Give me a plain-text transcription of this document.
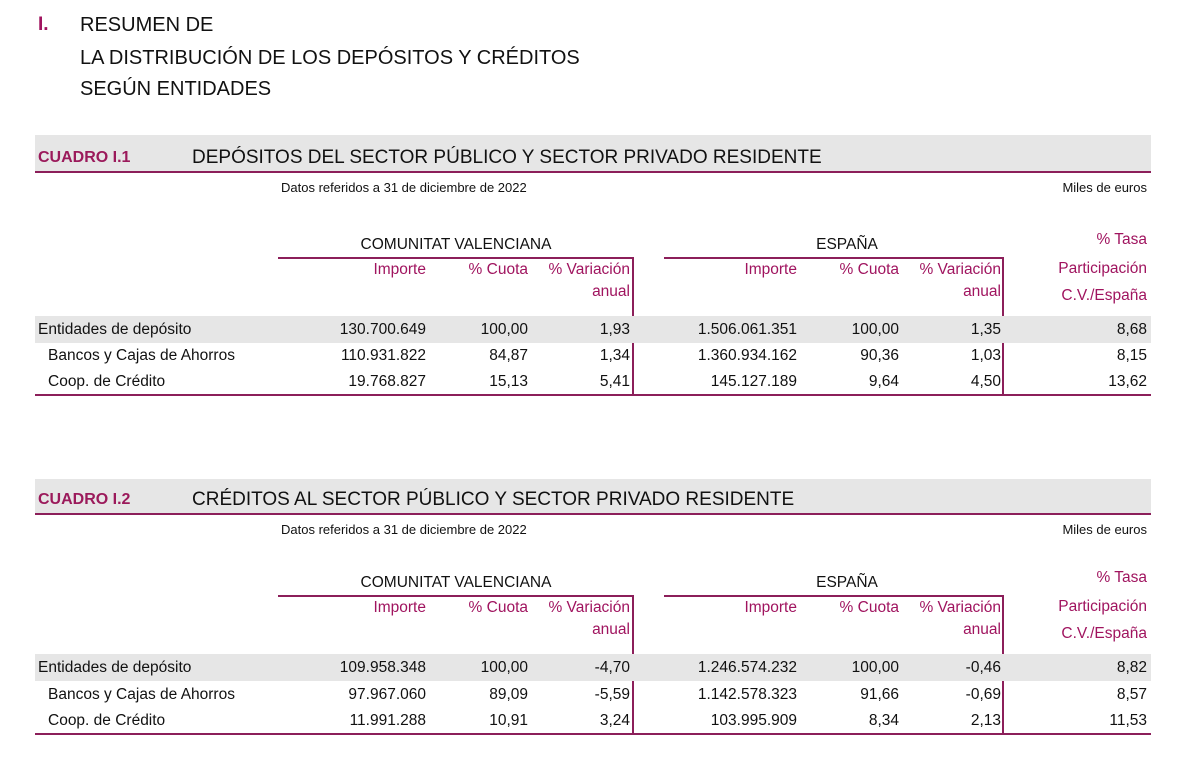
I. RESUMEN DE
LA DISTRIBUCIÓN DE LOS DEPÓSITOS Y CRÉDITOS
SEGÚN ENTIDADES
CUADRO I.1	DEPÓSITOS DEL SECTOR PÚBLICO Y SECTOR PRIVADO RESIDENTE
Datos referidos a 31 de diciembre de 2022	Miles de euros
COMUNITAT VALENCIANA	ESPAÑA	% Tasa
Importe	% Cuota % Variación
anual
Importe	% Cuota % Variación
anual
Participación
C.V./España
Entidades de depósito	130.700.649	100,00	1,93	1.506.061.351	100,00	1,35	8,68
Bancos y Cajas de Ahorros	110.931.822	84,87	1,34	1.360.934.162	90,36	1,03	8,15
Coop. de Crédito	19.768.827	15,13	5,41	145.127.189	9,64	4,50	13,62
CUADRO I.2	CRÉDITOS AL SECTOR PÚBLICO Y SECTOR PRIVADO RESIDENTE
Datos referidos a 31 de diciembre de 2022	Miles de euros
COMUNITAT VALENCIANA	ESPAÑA	% Tasa
Importe	% Cuota % Variación
anual
Importe	% Cuota % Variación
anual
Participación
C.V./España
Entidades de depósito	109.958.348	100,00	-4,70	1.246.574.232	100,00	-0,46	8,82
Bancos y Cajas de Ahorros	97.967.060	89,09	-5,59	1.142.578.323	91,66	-0,69	8,57
Coop. de Crédito	11.991.288	10,91	3,24	103.995.909	8,34	2,13	11,53
